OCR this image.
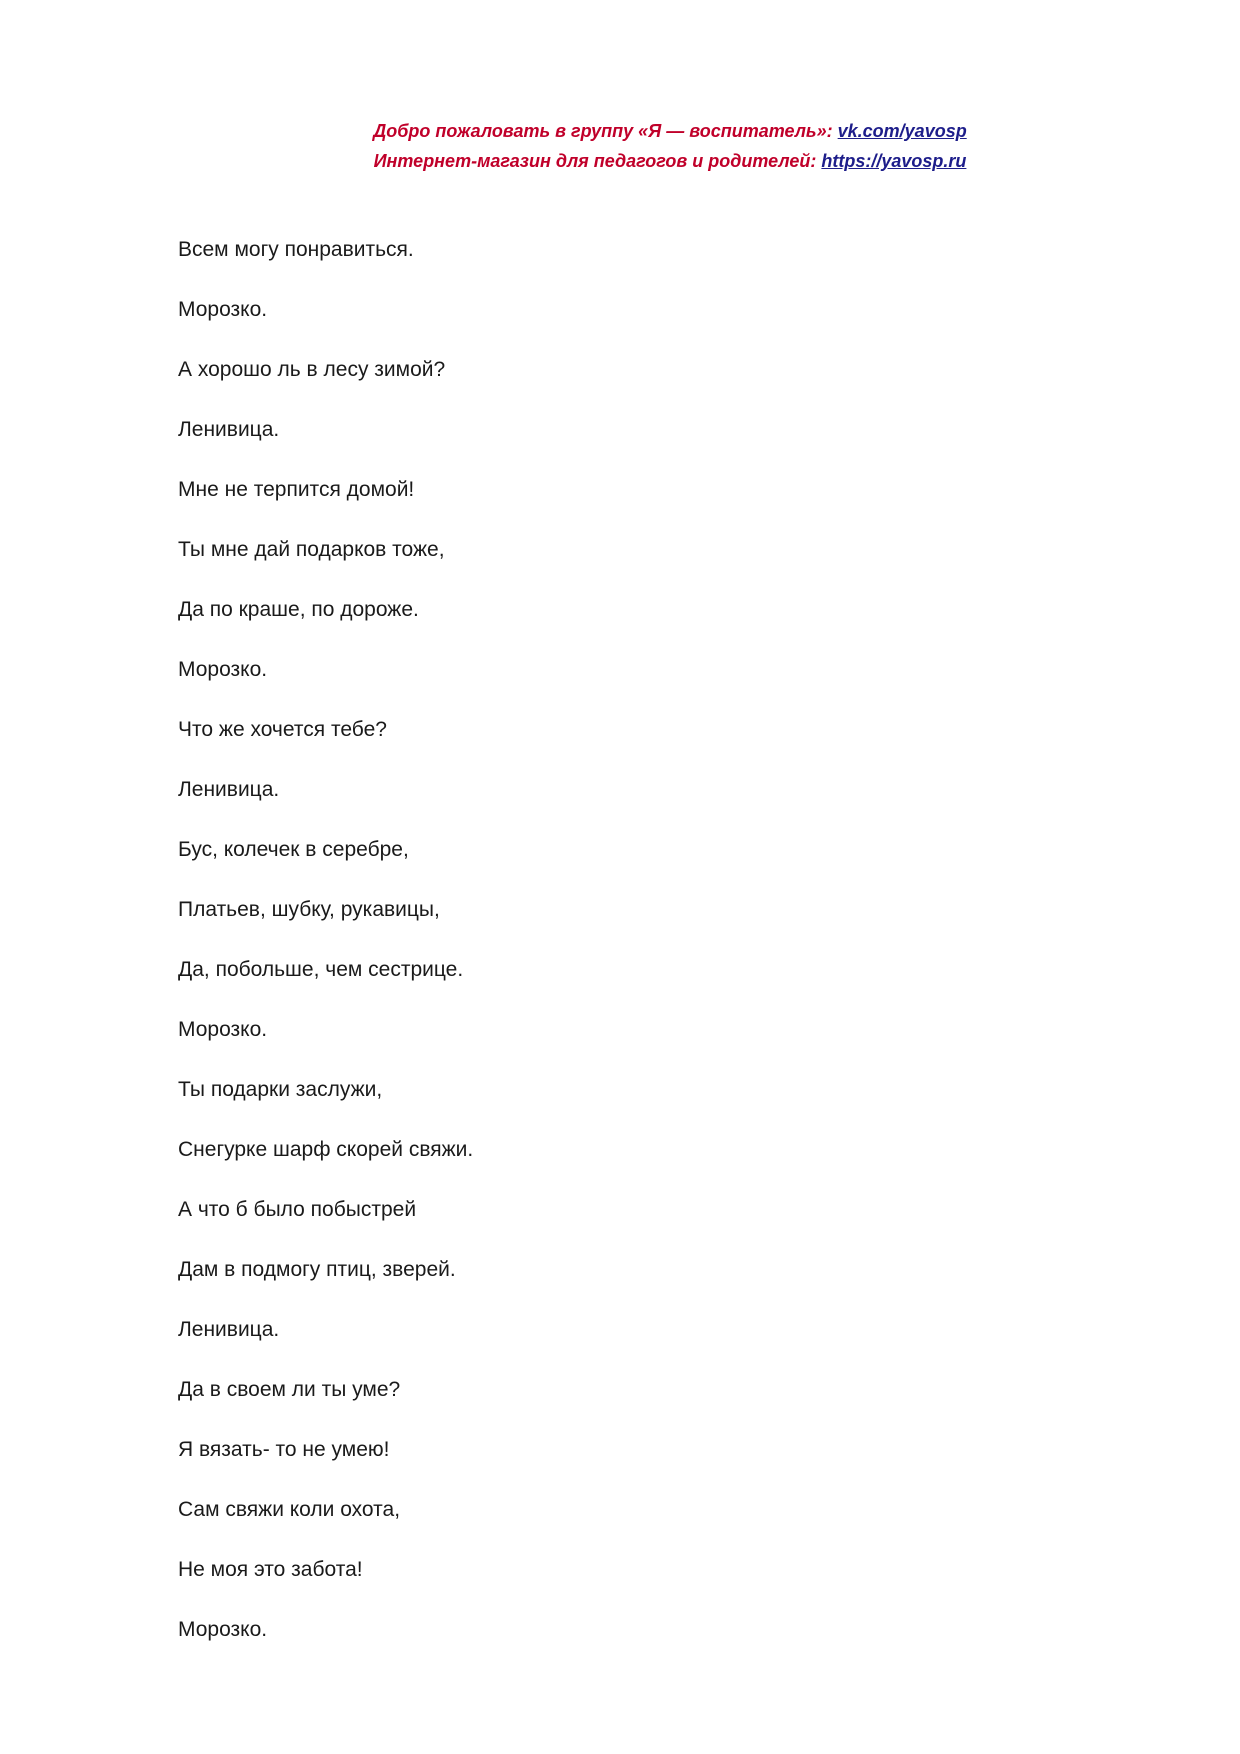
Добро пожаловать в группу «Я — воспитатель»: vk.com/yavosp
Интернет-магазин для педагогов и родителей: https://yavosp.ru
Всем могу понравиться.
Морозко.
А хорошо ль в лесу зимой?
Ленивица.
Мне не терпится домой!
Ты мне дай подарков тоже,
Да по краше, по дороже.
Морозко.
Что же хочется тебе?
Ленивица.
Бус, колечек в серебре,
Платьев, шубку, рукавицы,
Да, побольше, чем сестрице.
Морозко.
Ты подарки заслужи,
Снегурке шарф скорей свяжи.
А что б было побыстрей
Дам в подмогу птиц, зверей.
Ленивица.
Да в своем ли ты уме?
Я вязать- то не умею!
Сам свяжи коли охота,
Не моя это забота!
Морозко.
